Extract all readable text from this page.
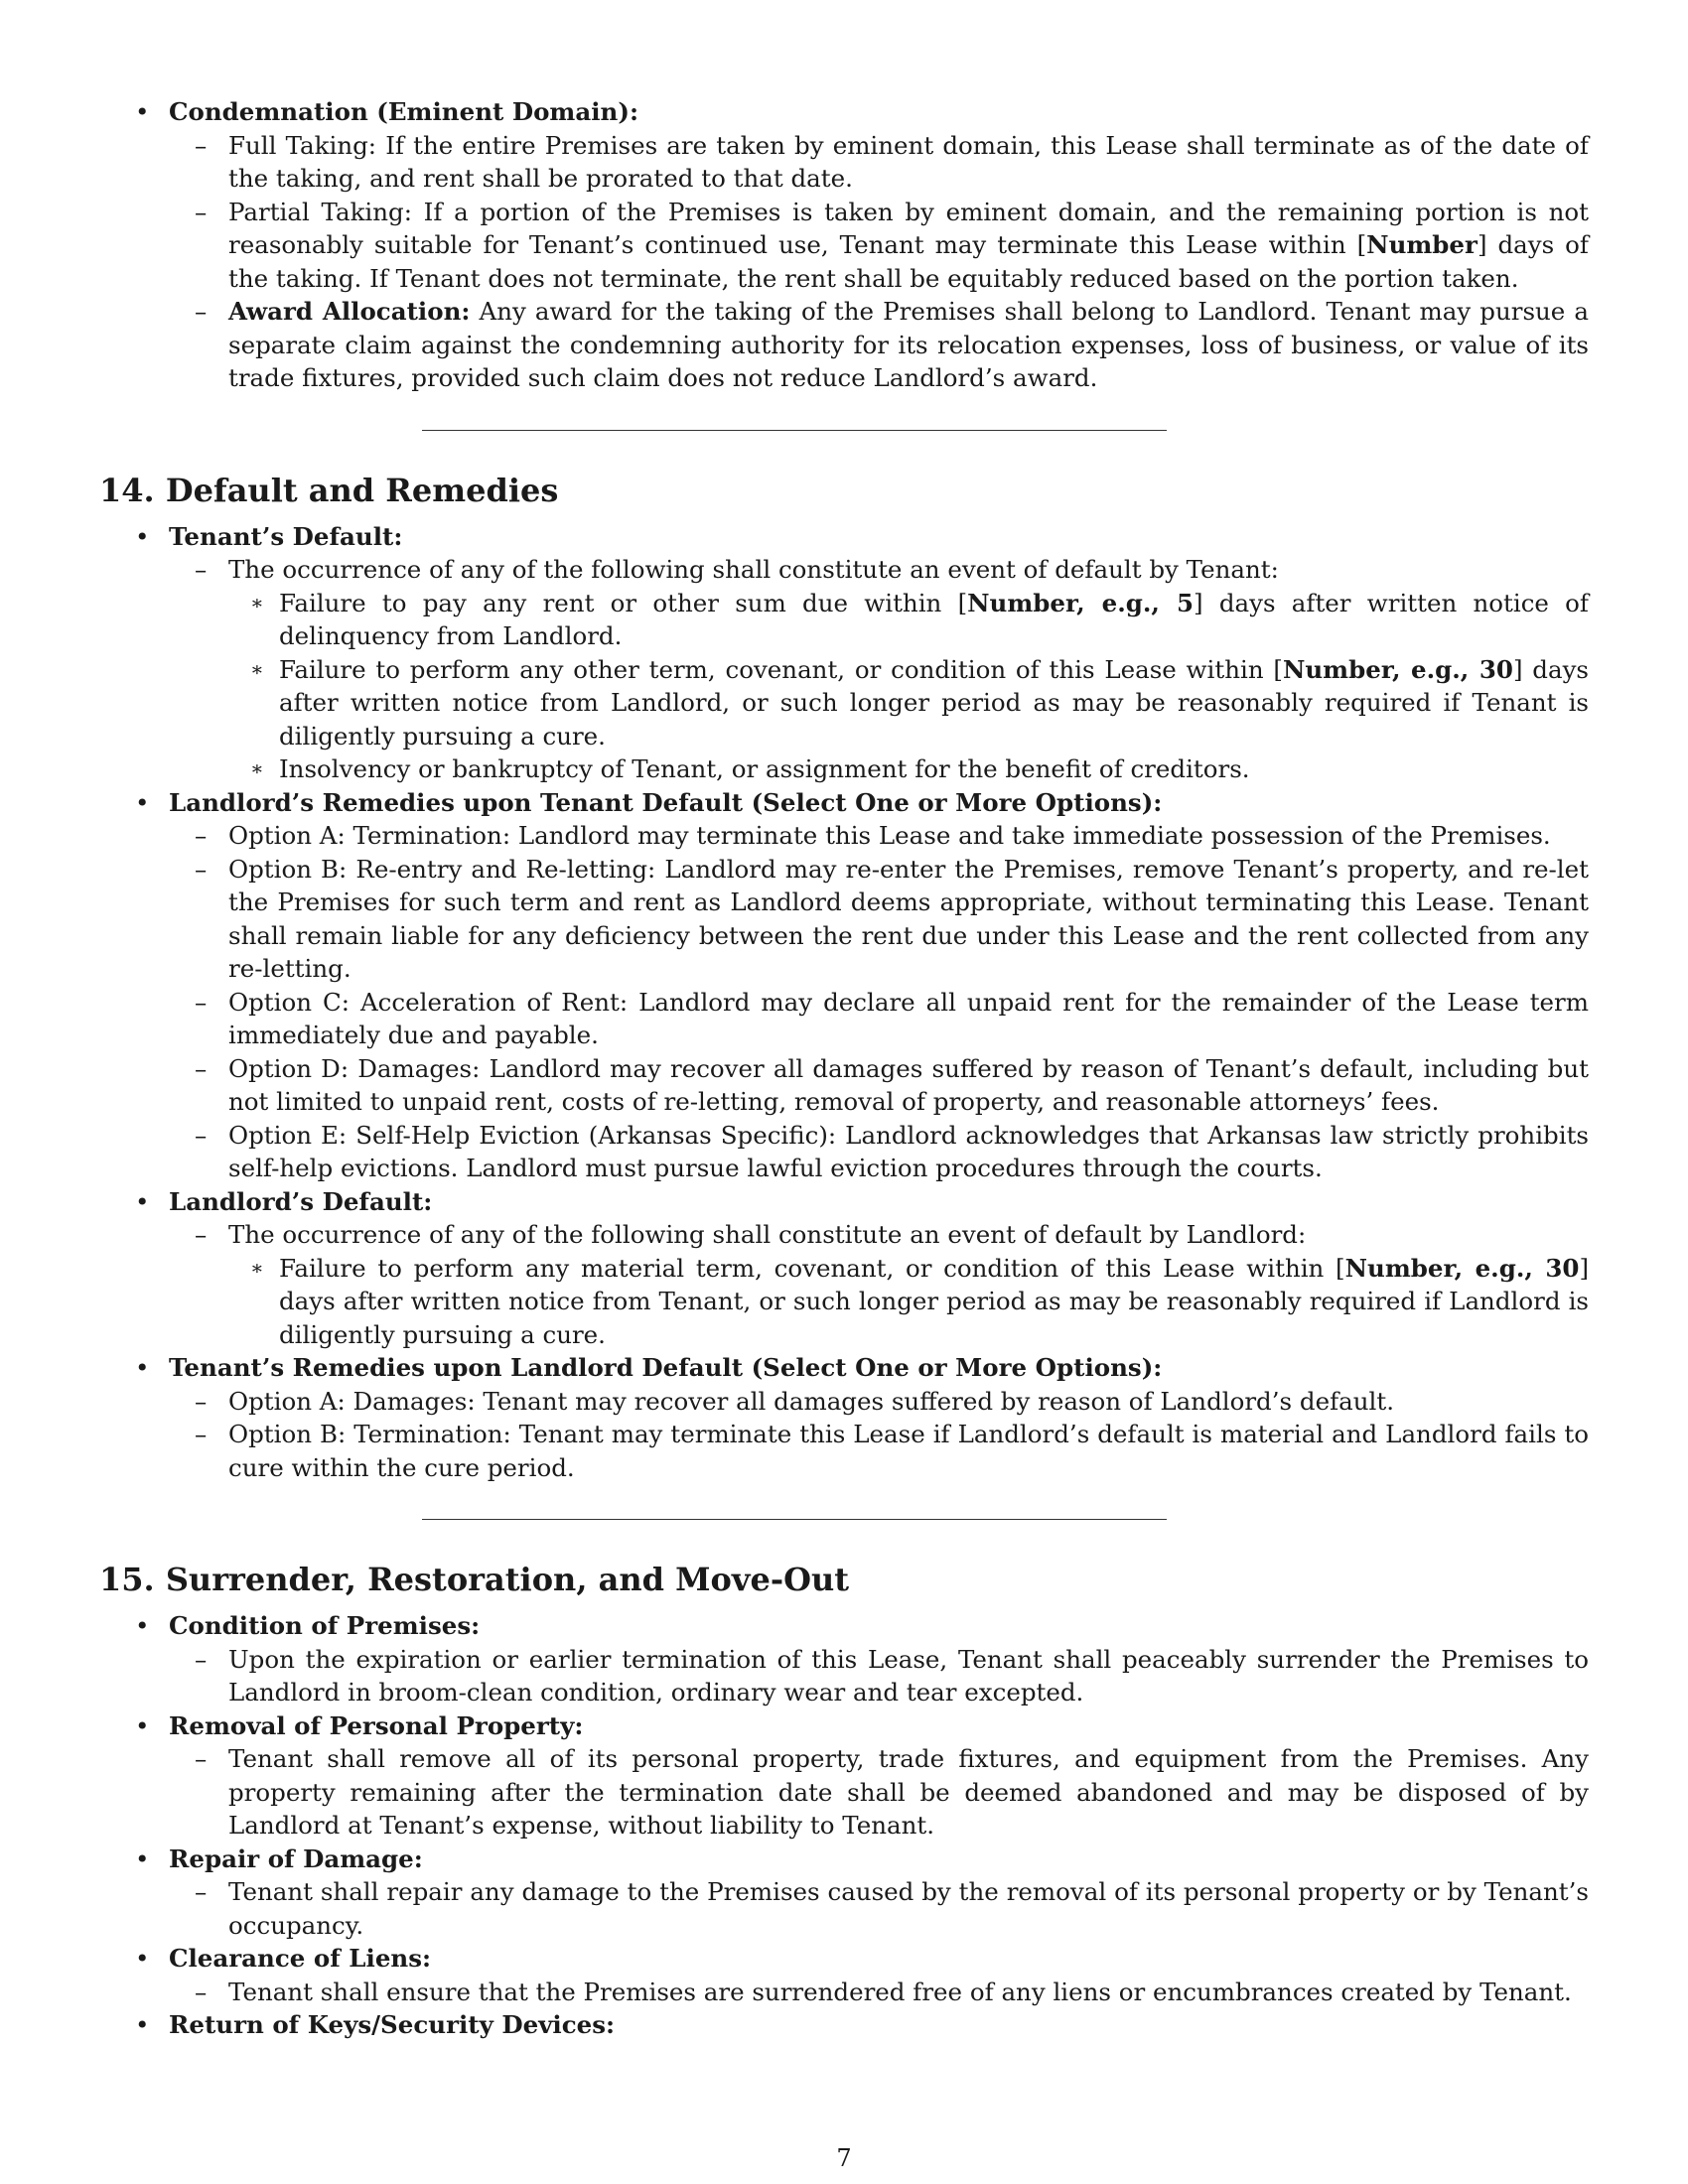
• Condemnation (Eminent Domain):
– Full Taking: If the entire Premises are taken by eminent domain, this Lease shall terminate as of the date of the taking, and rent shall be prorated to that date.
– Partial Taking: If a portion of the Premises is taken by eminent domain, and the remaining portion is not reasonably suitable for Tenant’s continued use, Tenant may terminate this Lease within [Number] days of the taking. If Tenant does not terminate, the rent shall be equitably reduced based on the portion taken.
– Award Allocation: Any award for the taking of the Premises shall belong to Landlord. Tenant may pursue a separate claim against the condemning authority for its relocation expenses, loss of business, or value of its trade fixtures, provided such claim does not reduce Landlord’s award.
14. Default and Remedies
• Tenant’s Default:
– The occurrence of any of the following shall constitute an event of default by Tenant:
∗ Failure to pay any rent or other sum due within [Number, e.g., 5] days after written notice of delinquency from Landlord.
∗ Failure to perform any other term, covenant, or condition of this Lease within [Number, e.g., 30] days after written notice from Landlord, or such longer period as may be reasonably required if Tenant is diligently pursuing a cure.
∗ Insolvency or bankruptcy of Tenant, or assignment for the benefit of creditors.
• Landlord’s Remedies upon Tenant Default (Select One or More Options):
– Option A: Termination: Landlord may terminate this Lease and take immediate possession of the Premises.
– Option B: Re-entry and Re-letting: Landlord may re-enter the Premises, remove Tenant’s property, and re-let the Premises for such term and rent as Landlord deems appropriate, without terminating this Lease. Tenant shall remain liable for any deficiency between the rent due under this Lease and the rent collected from any re-letting.
– Option C: Acceleration of Rent: Landlord may declare all unpaid rent for the remainder of the Lease term immediately due and payable.
– Option D: Damages: Landlord may recover all damages suffered by reason of Tenant’s default, including but not limited to unpaid rent, costs of re-letting, removal of property, and reasonable attorneys’ fees.
– Option E: Self-Help Eviction (Arkansas Specific): Landlord acknowledges that Arkansas law strictly prohibits self-help evictions. Landlord must pursue lawful eviction procedures through the courts.
• Landlord’s Default:
– The occurrence of any of the following shall constitute an event of default by Landlord:
∗ Failure to perform any material term, covenant, or condition of this Lease within [Number, e.g., 30] days after written notice from Tenant, or such longer period as may be reasonably required if Landlord is diligently pursuing a cure.
• Tenant’s Remedies upon Landlord Default (Select One or More Options):
– Option A: Damages: Tenant may recover all damages suffered by reason of Landlord’s default.
– Option B: Termination: Tenant may terminate this Lease if Landlord’s default is material and Landlord fails to cure within the cure period.
15. Surrender, Restoration, and Move-Out
• Condition of Premises:
– Upon the expiration or earlier termination of this Lease, Tenant shall peaceably surrender the Premises to Landlord in broom-clean condition, ordinary wear and tear excepted.
• Removal of Personal Property:
– Tenant shall remove all of its personal property, trade fixtures, and equipment from the Premises. Any property remaining after the termination date shall be deemed abandoned and may be disposed of by Landlord at Tenant’s expense, without liability to Tenant.
• Repair of Damage:
– Tenant shall repair any damage to the Premises caused by the removal of its personal property or by Tenant’s occupancy.
• Clearance of Liens:
– Tenant shall ensure that the Premises are surrendered free of any liens or encumbrances created by Tenant.
• Return of Keys/Security Devices:
7
